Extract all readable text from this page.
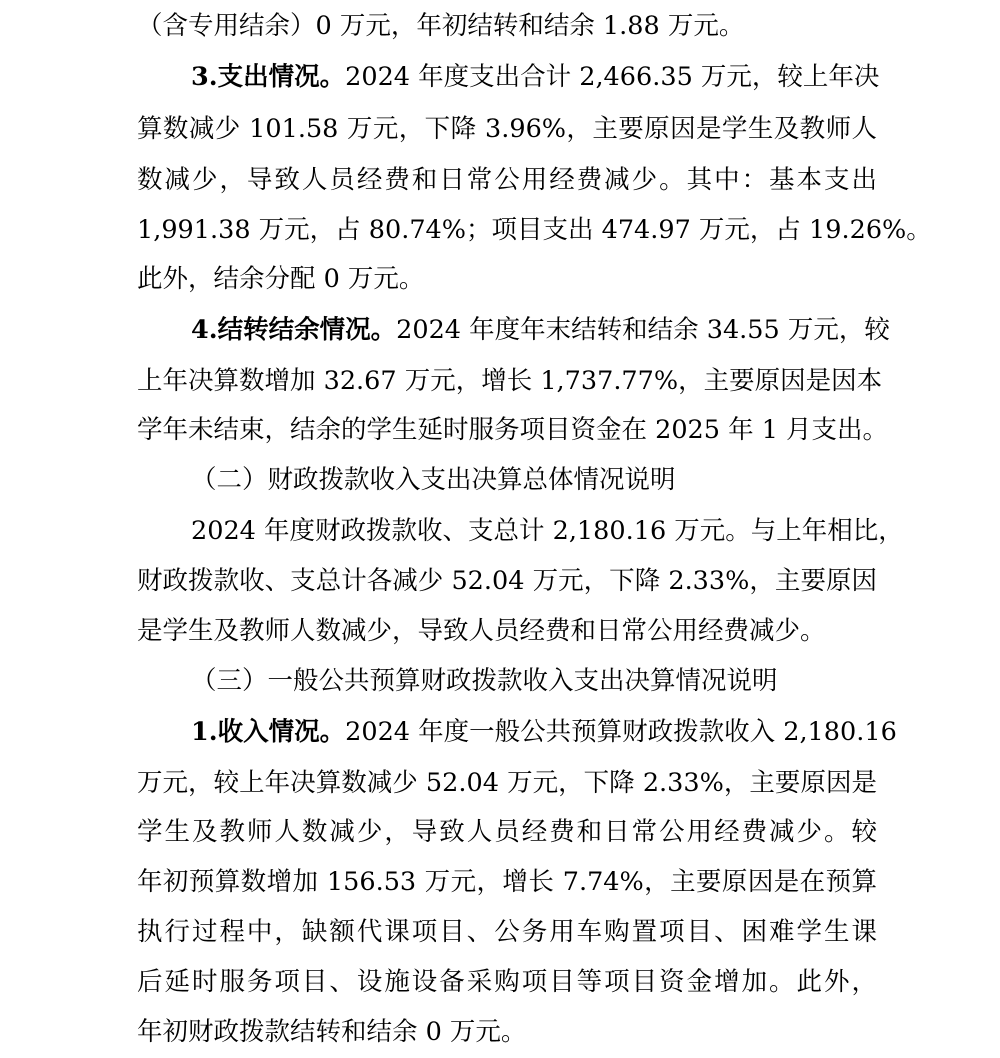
（含专用结余）0 万元，年初结转和结余 1.88 万元。
3.支出情况。2024 年度支出合计 2,466.35 万元，较上年决
算数减少 101.58 万元，下降 3.96%，主要原因是学生及教师人
数减少，导致人员经费和日常公用经费减少。其中：基本支出
1,991.38 万元，占 80.74%；项目支出 474.97 万元，占 19.26%。
此外，结余分配 0 万元。
4.结转结余情况。2024 年度年末结转和结余 34.55 万元，较
上年决算数增加 32.67 万元，增长 1,737.77%，主要原因是因本
学年未结束，结余的学生延时服务项目资金在 2025 年 1 月支出。
（二）财政拨款收入支出决算总体情况说明
2024 年度财政拨款收、支总计 2,180.16 万元。与上年相比，
财政拨款收、支总计各减少 52.04 万元，下降 2.33%，主要原因
是学生及教师人数减少，导致人员经费和日常公用经费减少。
（三）一般公共预算财政拨款收入支出决算情况说明
1.收入情况。2024 年度一般公共预算财政拨款收入 2,180.16
万元，较上年决算数减少 52.04 万元，下降 2.33%，主要原因是
学生及教师人数减少，导致人员经费和日常公用经费减少。较
年初预算数增加 156.53 万元，增长 7.74%，主要原因是在预算
执行过程中，缺额代课项目、公务用车购置项目、困难学生课
后延时服务项目、设施设备采购项目等项目资金增加。此外，
年初财政拨款结转和结余 0 万元。
